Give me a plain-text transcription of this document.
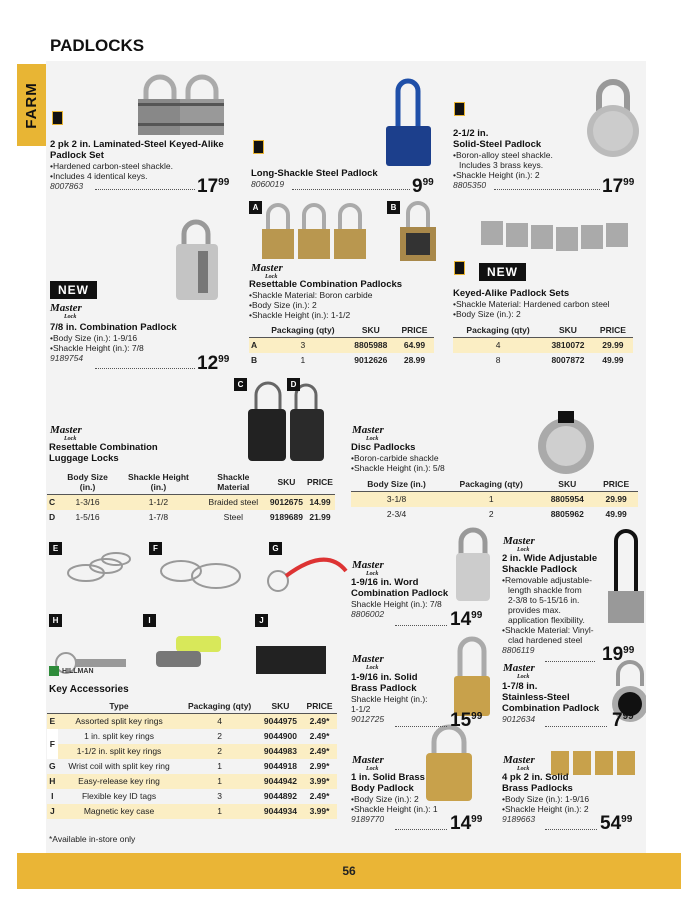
PADLOCKS
FARM
A	B
C	D
E	F	G
H	I	J
2 pk 2 in. Laminated-Steel Keyed-Alike Padlock Set
•Hardened carbon-steel shackle.
•Includes 4 identical keys.
8007863	$17^{99}$
Long-Shackle Steel Padlock
8060019	$9^{99}$
2-1/2 in.
Solid-Steel Padlock
•Boron-alloy steel shackle.
Includes 3 brass keys.
•Shackle Height (in.): 2
8805350	$17^{99}$
NEW
Master
Lock
7/8 in. Combination Padlock
•Body Size (in.): 1-9/16
•Shackle Height (in.): 7/8
9189754	$12^{99}$
Master
Lock
Resettable Combination Padlocks
•Shackle Material: Boron carbide
•Body Size (in.): 2
•Shackle Height (in.): 1-1/2
	Packaging (qty)	SKU	PRICE
A	3	8805988	64.99
B	1	9012626	28.99
NEW
Keyed-Alike Padlock Sets
•Shackle Material: Hardened carbon steel
•Body Size (in.): 2
Packaging (qty)	SKU	PRICE
4	3810072	29.99
8	8007872	49.99
Master
Lock
Resettable Combination
Luggage Locks
	Body Size (in.)	Shackle Height (in.)	Shackle Material	SKU	PRICE
C	1-3/16	1-1/2	Braided steel	9012675	14.99
D	1-5/16	1-7/8	Steel	9189689	21.99
Master
Lock
Disc Padlocks
•Boron-carbide shackle
•Shackle Height (in.): 5/8
Body Size (in.)	Packaging (qty)	SKU	PRICE
3-1/8	1	8805954	29.99
2-3/4	2	8805962	49.99
Master
Lock
1-9/16 in. Word
Combination Padlock
Shackle Height (in.): 7/8
8806002	$14^{99}$
Master
Lock
2 in. Wide Adjustable
Shackle Padlock
•Removable adjustable-
length shackle from
2-3/8 to 5-15/16 in.
provides max.
application flexibility.
•Shackle Material: Vinyl-
clad hardened steel
8806119	$19^{99}$
Master
Lock
1-9/16 in. Solid
Brass Padlock
Shackle Height (in.):
1-1/2
9012725	$15^{99}$
Master
Lock
1-7/8 in.
Stainless-Steel
Combination Padlock
9012634	$7^{99}$
Master
Lock
1 in. Solid Brass
Body Padlock
•Body Size (in.): 2
•Shackle Height (in.): 1
9189770	$14^{99}$
Master
Lock
4 pk 2 in. Solid
Brass Padlocks
•Body Size (in.): 1-9/16
•Shackle Height (in.): 2
9189663	$54^{99}$
HILLMAN
Key Accessories
	Type	Packaging (qty)	SKU	PRICE
E	Assorted split key rings	4	9044975	2.49*
F	1 in. split key rings	2	9044900	2.49*
	1-1/2 in. split key rings	2	9044983	2.49*
G	Wrist coil with split key ring	1	9044918	2.99*
H	Easy-release key ring	1	9044942	3.99*
I	Flexible key ID tags	3	9044892	2.49*
J	Magnetic key case	1	9044934	3.99*
*Available in-store only
56
